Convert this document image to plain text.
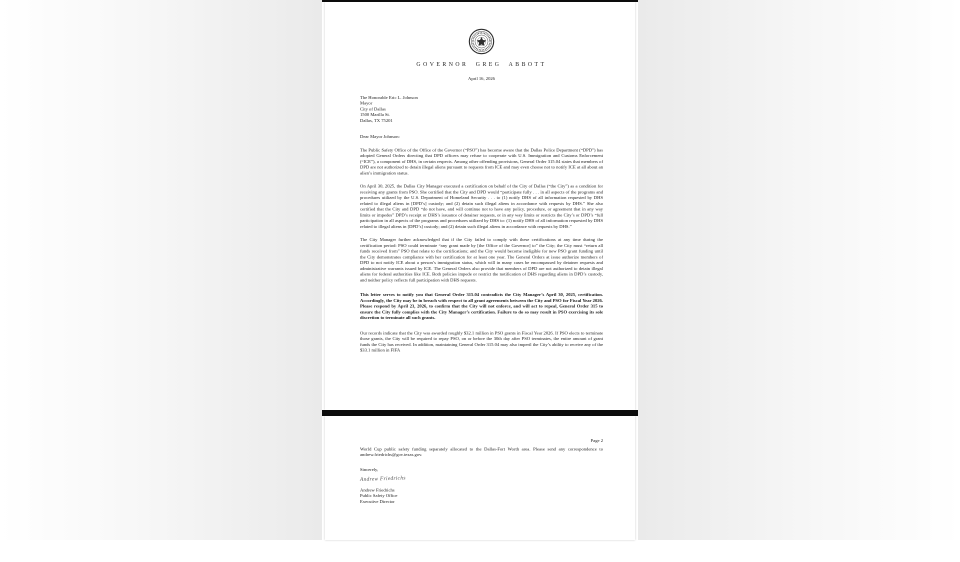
GOVERNOR GREG ABBOTT
April 16, 2026
The Honorable Eric L. Johnson
Mayor
City of Dallas
1500 Marilla St.
Dallas, TX 75201
Dear Mayor Johnson:

The Public Safety Office of the Office of the Governor (“PSO”) has become aware that the Dallas Police Department (“DPD”) has adopted General Orders directing that DPD officers may refuse to cooperate with U.S. Immigration and Customs Enforcement (“ICE”), a component of DHS, in certain respects. Among other offending provisions, General Order 315.04 states that members of DPD are not authorized to detain illegal aliens pursuant to requests from ICE and may even choose not to notify ICE at all about an alien’s immigration status.

On April 30, 2025, the Dallas City Manager executed a certification on behalf of the City of Dallas (“the City”) as a condition for receiving any grants from PSO. She certified that the City and DPD would “participate fully . . . in all aspects of the programs and procedures utilized by the U.S. Department of Homeland Security . . . to (1) notify DHS of all information requested by DHS related to illegal aliens in [DPD’s] custody; and (2) detain such illegal aliens in accordance with requests by DHS.” She also certified that the City and DPD “do not have, and will continue not to have any policy, procedure, or agreement that in any way limits or impedes” DPD’s receipt or DHS’s issuance of detainer requests, or in any way limits or restricts the City’s or DPD’s “full participation in all aspects of the programs and procedures utilized by DHS to: (1) notify DHS of all information requested by DHS related to illegal aliens in [DPD’s] custody; and (2) detain such illegal aliens in accordance with requests by DHS.”

The City Manager further acknowledged that if the City failed to comply with these certifications at any time during the certification period: PSO could terminate “any grant made by [the Office of the Governor] to” the City; the City must “return all funds received from” PSO that relate to the certifications; and the City would become ineligible for new PSO grant funding until the City demonstrates compliance with her certification for at least one year. The General Orders at issue authorize members of DPD to not notify ICE about a person’s immigration status, which will in many cases be encompassed by detainer requests and administrative warrants issued by ICE. The General Orders also provide that members of DPD are not authorized to detain illegal aliens for federal authorities like ICE. Both policies impede or restrict the notification of DHS regarding aliens in DPD’s custody, and neither policy reflects full participation with DHS requests.

This letter serves to notify you that General Order 315.04 contradicts the City Manager’s April 30, 2025, certification. Accordingly, the City may be in breach with respect to all grant agreements between the City and PSO for Fiscal Year 2026. Please respond by April 23, 2026, to confirm that the City will not enforce, and will act to repeal, General Order 315 to ensure the City fully complies with the City Manager’s certification. Failure to do so may result in PSO exercising its sole discretion to terminate all such grants.

Our records indicate that the City was awarded roughly $32.1 million in PSO grants in Fiscal Year 2026. If PSO elects to terminate those grants, the City will be required to repay PSO, on or before the 30th day after PSO terminates, the entire amount of grant funds the City has received. In addition, maintaining General Order 315.04 may also imperil the City’s ability to receive any of the $33.1 million in FIFA

Page 2

World Cup public safety funding separately allocated to the Dallas-Fort Worth area. Please send any correspondence to andrew.friedrichs@gov.texas.gov.

Sincerely,
Andrew Friedrichs
Andrew Friedrichs
Public Safety Office
Executive Director
